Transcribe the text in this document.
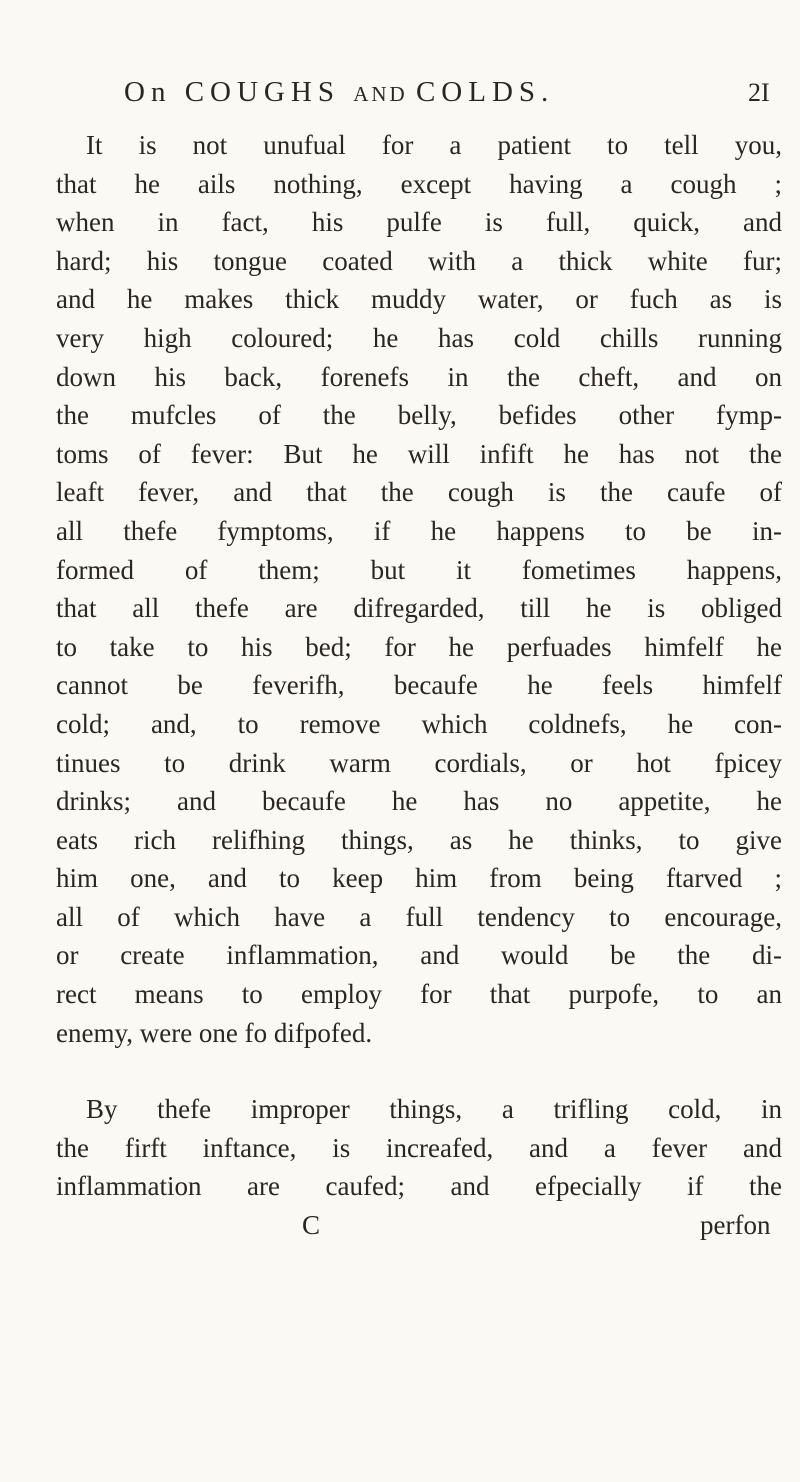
On COUGHS AND COLDS.	2I
It is not unufual for a patient to tell you,
that he ails nothing, except having a cough ;
when in fact, his pulfe is full, quick, and
hard; his tongue coated with a thick white fur;
and he makes thick muddy water, or fuch as is
very high coloured; he has cold chills running
down his back, forenefs in the cheft, and on
the mufcles of the belly, befides other fymp-
toms of fever: But he will infift he has not the
leaft fever, and that the cough is the caufe of
all thefe fymptoms, if he happens to be in-
formed of them; but it fometimes happens,
that all thefe are difregarded, till he is obliged
to take to his bed; for he perfuades himfelf he
cannot be feverifh, becaufe he feels himfelf
cold; and, to remove which coldnefs, he con-
tinues to drink warm cordials, or hot fpicey
drinks; and becaufe he has no appetite, he
eats rich relifhing things, as he thinks, to give
him one, and to keep him from being ftarved ;
all of which have a full tendency to encourage,
or create inflammation, and would be the di-
rect means to employ for that purpofe, to an
enemy, were one fo difpofed.
By thefe improper things, a trifling cold, in
the firft inftance, is increafed, and a fever and
inflammation are caufed; and efpecially if the
C	perfon
